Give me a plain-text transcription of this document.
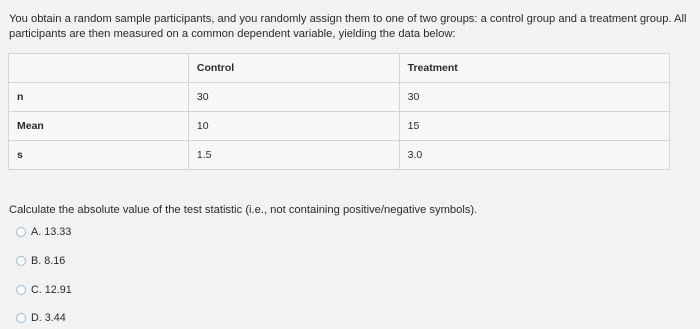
You obtain a random sample participants, and you randomly assign them to one of two groups: a control group and a treatment group. All participants are then measured on a common dependent variable, yielding the data below:
	Control	Treatment
n	30	30
Mean	10	15
s	1.5	3.0
Calculate the absolute value of the test statistic (i.e., not containing positive/negative symbols).
A. 13.33
B. 8.16
C. 12.91
D. 3.44
